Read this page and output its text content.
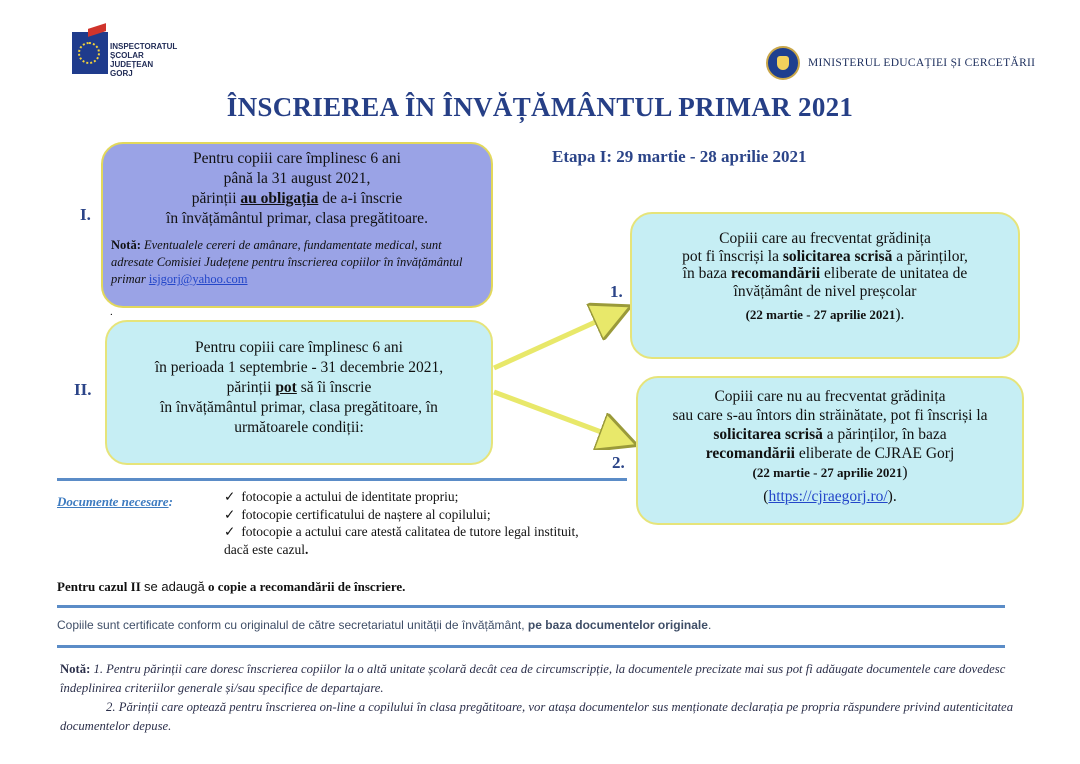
INSPECTORATUL
ȘCOLAR
JUDEȚEAN
GORJ
MINISTERUL EDUCAȚIEI ȘI CERCETĂRII
ÎNSCRIEREA ÎN ÎNVĂȚĂMÂNTUL PRIMAR 2021
Etapa I: 29 martie - 28 aprilie 2021
I.
II.
1.
2.
Pentru copiii care împlinesc 6 ani
până la 31 august 2021,
părinții au obligația de a-i înscrie
în învățământul primar, clasa pregătitoare.
Notă: Eventualele cereri de amânare, fundamentate medical, sunt adresate Comisiei Județene pentru înscrierea copiilor în învățământul primar isjgorj@yahoo.com
.
Pentru copiii care împlinesc 6 ani
în perioada 1 septembrie - 31 decembrie 2021,
părinții pot să îi înscrie
în învățământul primar, clasa pregătitoare, în
următoarele condiții:
Copiii care au frecventat grădinița
pot fi înscriși la solicitarea scrisă a părinților,
în baza recomandării eliberate de unitatea de
învățământ de nivel preșcolar
(22 martie - 27 aprilie 2021).
Copiii care nu au frecventat grădinița
sau care s-au întors din străinătate, pot fi înscriși la
solicitarea scrisă a părinților, în baza
recomandării eliberate de CJRAE Gorj
(22 martie - 27 aprilie 2021)
(https://cjraegorj.ro/).
Documente necesare:	✓ fotocopie a actului de identitate propriu;
✓ fotocopie certificatului de naștere al copilului;
✓ fotocopie a actului care atestă calitatea de tutore legal instituit,
dacă este cazul.
Pentru cazul II se adaugă o copie a recomandării de înscriere.
Copiile sunt certificate conform cu originalul de către secretariatul unității de învățământ, pe baza documentelor originale.
Notă: 1. Pentru părinții care doresc înscrierea copiilor la o altă unitate școlară decât cea de circumscripție, la documentele precizate mai sus pot fi adăugate documentele care dovedesc îndeplinirea criteriilor generale și/sau specifice de departajare.
2. Părinții care optează pentru înscrierea on-line a copilului în clasa pregătitoare, vor atașa documentelor sus menționate declarația pe propria răspundere privind autenticitatea documentelor depuse.
